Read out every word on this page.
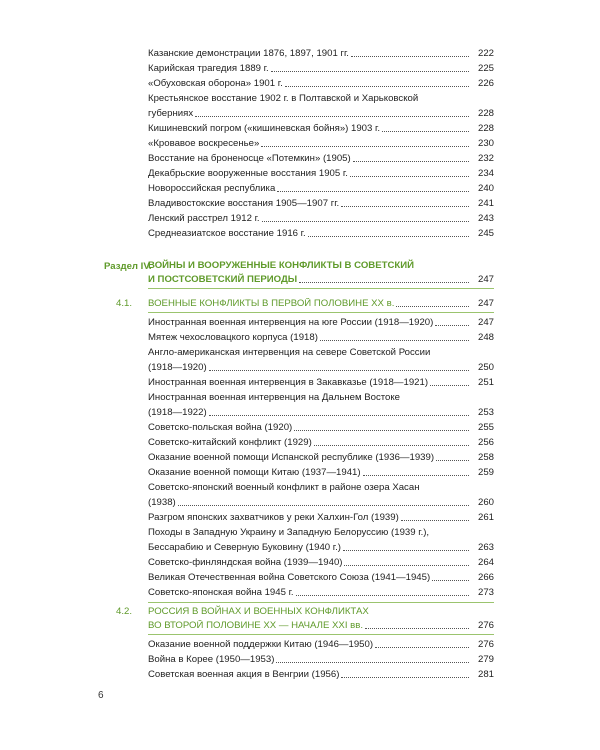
Казанские демонстрации 1876, 1897, 1901 гг.	222
Карийская трагедия 1889 г.	225
«Обуховская оборона» 1901 г.	226
Крестьянское восстание 1902 г. в Полтавской и Харьковской
губерниях	228
Кишиневский погром («кишиневская бойня») 1903 г.	228
«Кровавое воскресенье»	230
Восстание на броненосце «Потемкин» (1905)	232
Декабрьские вооруженные восстания 1905 г.	234
Новороссийская республика	240
Владивостокские восстания 1905—1907 гг.	241
Ленский расстрел 1912 г.	243
Среднеазиатское восстание 1916 г.	245
Раздел IV.
ВОЙНЫ И ВООРУЖЕННЫЕ КОНФЛИКТЫ В СОВЕТСКИЙ
И ПОСТСОВЕТСКИЙ ПЕРИОДЫ	247
4.1. ВОЕННЫЕ КОНФЛИКТЫ В ПЕРВОЙ ПОЛОВИНЕ XX в.	247
Иностранная военная интервенция на юге России (1918—1920)	247
Мятеж чехословацкого корпуса (1918)	248
Англо-американская интервенция на севере Советской России
(1918—1920)	250
Иностранная военная интервенция в Закавказье (1918—1921)	251
Иностранная военная интервенция на Дальнем Востоке
(1918—1922)	253
Советско-польская война (1920)	255
Советско-китайский конфликт (1929)	256
Оказание военной помощи Испанской республике (1936—1939)	258
Оказание военной помощи Китаю (1937—1941)	259
Советско-японский военный конфликт в районе озера Хасан
(1938)	260
Разгром японских захватчиков у реки Халхин-Гол (1939)	261
Походы в Западную Украину и Западную Белоруссию (1939 г.),
Бессарабию и Северную Буковину (1940 г.)	263
Советско-финляндская война (1939—1940)	264
Великая Отечественная война Советского Союза (1941—1945)	266
Советско-японская война 1945 г.	273
4.2. РОССИЯ В ВОЙНАХ И ВОЕННЫХ КОНФЛИКТАХ
ВО ВТОРОЙ ПОЛОВИНЕ XX — НАЧАЛЕ XXI вв.	276
Оказание военной поддержки Китаю (1946—1950)	276
Война в Корее (1950—1953)	279
Советская военная акция в Венгрии (1956)	281
6
